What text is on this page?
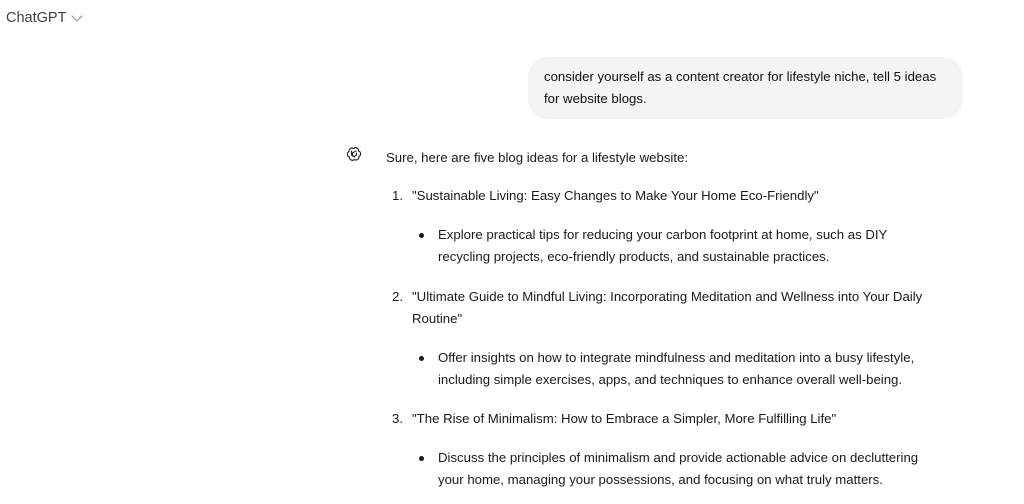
ChatGPT
consider yourself as a content creator for lifestyle niche, tell 5 ideas for website blogs.

Sure, here are five blog ideas for a lifestyle website:

1. "Sustainable Living: Easy Changes to Make Your Home Eco-Friendly"
Explore practical tips for reducing your carbon footprint at home, such as DIY recycling projects, eco-friendly products, and sustainable practices.
2. "Ultimate Guide to Mindful Living: Incorporating Meditation and Wellness into Your Daily Routine"
Offer insights on how to integrate mindfulness and meditation into a busy lifestyle, including simple exercises, apps, and techniques to enhance overall well-being.
3. "The Rise of Minimalism: How to Embrace a Simpler, More Fulfilling Life"
Discuss the principles of minimalism and provide actionable advice on decluttering your home, managing your possessions, and focusing on what truly matters.
